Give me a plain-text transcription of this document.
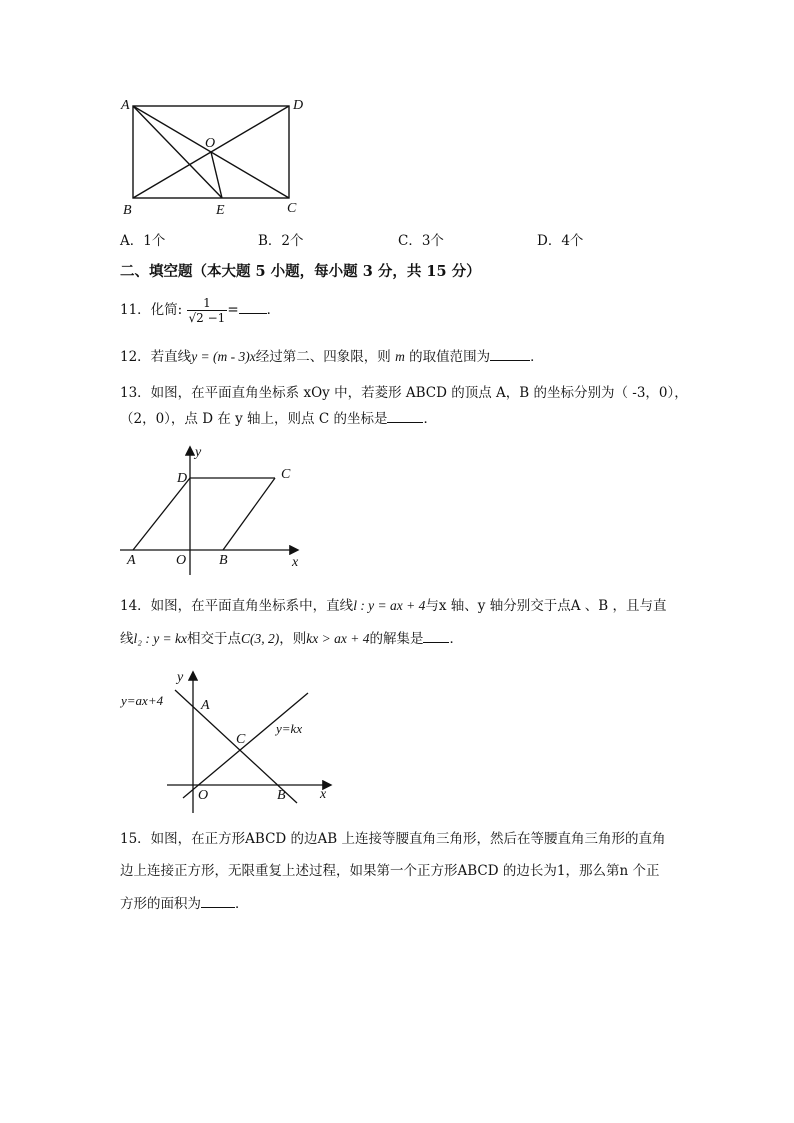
A	D
O
B	E	C
A．1个	B．2个	C．3个	D．4个
二、填空题（本大题 5 小题，每小题 3 分，共 15 分）
11．化简: $\frac{1}{√2 -1}$ = ．
12．若直线y = (m - 3)x经过第二、四象限，则 m 的取值范围为	．
13．如图，在平面直角坐标系 xOy 中，若菱形 ABCD 的顶点 A，B 的坐标分别为（ -3，0），
（2，0），点 D 在 y 轴上，则点 C 的坐标是	．
y
D	C
A	O B	x
14．如图，在平面直角坐标系中，直线l : y = ax + 4与x 轴、y 轴分别交于点A 、B ，且与直
线l₂ : y = kx相交于点C(3, 2)，则kx > ax + 4的解集是 ．
y=ax+4
y
A
C
y=kx
O	B x
15．如图，在正方形ABCD 的边AB 上连接等腰直角三角形，然后在等腰直角三角形的直角
边上连接正方形，无限重复上述过程，如果第一个正方形ABCD 的边长为1，那么第n 个正
方形的面积为	．
